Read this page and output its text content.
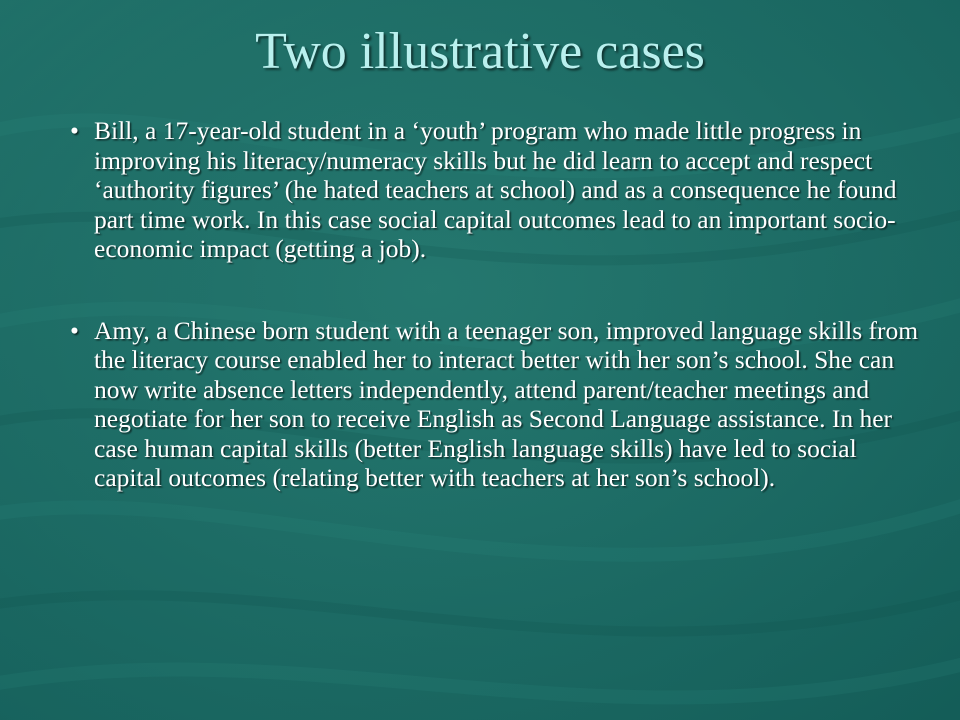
Two illustrative cases
• Bill, a 17-year-old student in a ‘youth’ program who made little progress in improving his literacy/numeracy skills but he did learn to accept and respect ‘authority figures’ (he hated teachers at school) and as a consequence he found part time work. In this case social capital outcomes lead to an important socio-economic impact (getting a job).
• Amy, a Chinese born student with a teenager son, improved language skills from the literacy course enabled her to interact better with her son’s school. She can now write absence letters independently, attend parent/teacher meetings and negotiate for her son to receive English as Second Language assistance. In her case human capital skills (better English language skills) have led to social capital outcomes (relating better with teachers at her son’s school).
